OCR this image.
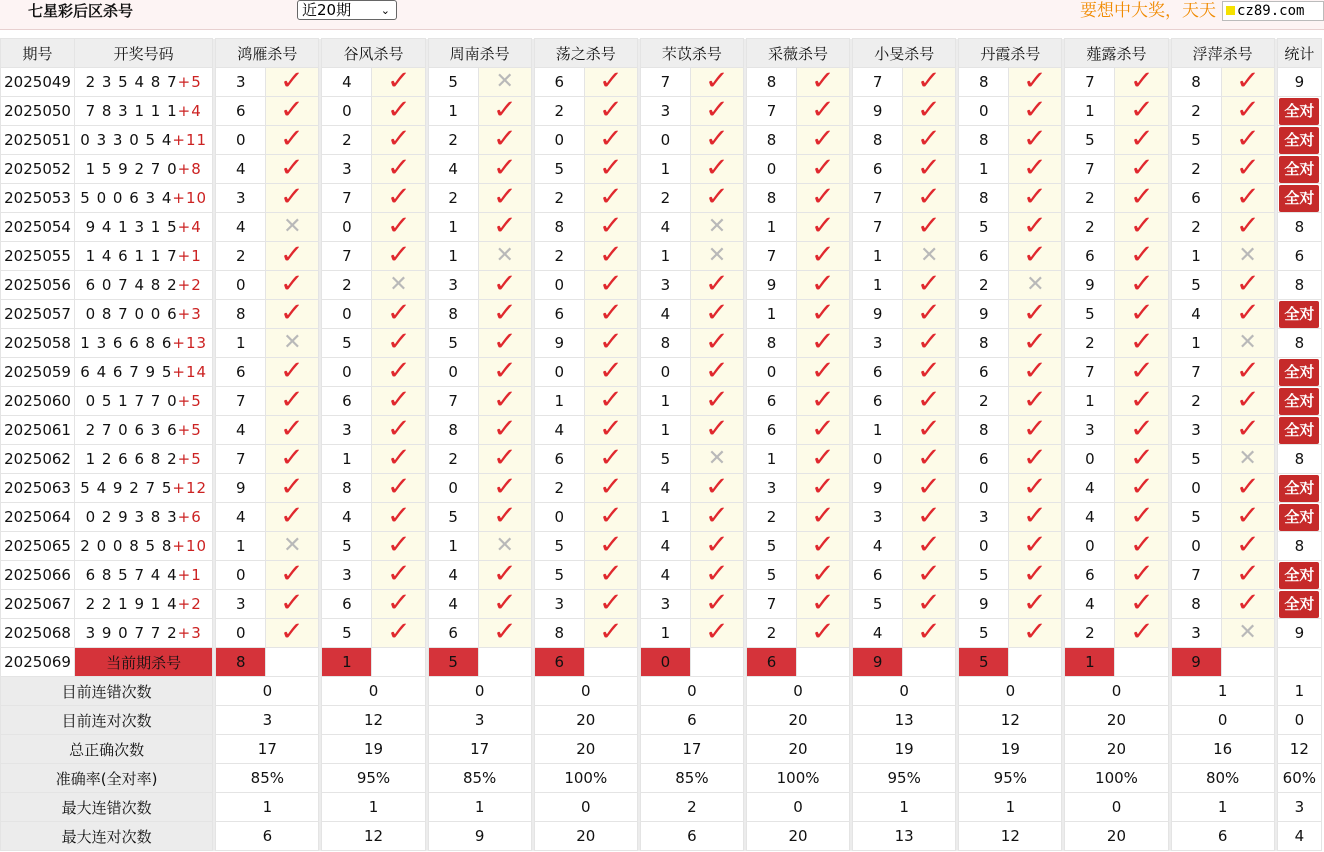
七星彩后区杀号	近20期	⌄	要想中大奖，天天	cz89.com
期号	开奖号码		鸿雁杀号			谷风杀号			周南杀号			荡之杀号			芣苡杀号			采薇杀号			小旻杀号			丹霞杀号			薤露杀号			浮萍杀号			统计
2025049	2 3 5 4 8 7+5		3	✓		4	✓		5	✕		6	✓		7	✓		8	✓		7	✓		8	✓		7	✓		8	✓		9
2025050	7 8 3 1 1 1+4		6	✓		0	✓		1	✓		2	✓		3	✓		7	✓		9	✓		0	✓		1	✓		2	✓		全对
2025051	0 3 3 0 5 4+11		0	✓		2	✓		2	✓		0	✓		0	✓		8	✓		8	✓		8	✓		5	✓		5	✓		全对
2025052	1 5 9 2 7 0+8		4	✓		3	✓		4	✓		5	✓		1	✓		0	✓		6	✓		1	✓		7	✓		2	✓		全对
2025053	5 0 0 6 3 4+10		3	✓		7	✓		2	✓		2	✓		2	✓		8	✓		7	✓		8	✓		2	✓		6	✓		全对
2025054	9 4 1 3 1 5+4		4	✕		0	✓		1	✓		8	✓		4	✕		1	✓		7	✓		5	✓		2	✓		2	✓		8
2025055	1 4 6 1 1 7+1		2	✓		7	✓		1	✕		2	✓		1	✕		7	✓		1	✕		6	✓		6	✓		1	✕		6
2025056	6 0 7 4 8 2+2		0	✓		2	✕		3	✓		0	✓		3	✓		9	✓		1	✓		2	✕		9	✓		5	✓		8
2025057	0 8 7 0 0 6+3		8	✓		0	✓		8	✓		6	✓		4	✓		1	✓		9	✓		9	✓		5	✓		4	✓		全对
2025058	1 3 6 6 8 6+13		1	✕		5	✓		5	✓		9	✓		8	✓		8	✓		3	✓		8	✓		2	✓		1	✕		8
2025059	6 4 6 7 9 5+14		6	✓		0	✓		0	✓		0	✓		0	✓		0	✓		6	✓		6	✓		7	✓		7	✓		全对
2025060	0 5 1 7 7 0+5		7	✓		6	✓		7	✓		1	✓		1	✓		6	✓		6	✓		2	✓		1	✓		2	✓		全对
2025061	2 7 0 6 3 6+5		4	✓		3	✓		8	✓		4	✓		1	✓		6	✓		1	✓		8	✓		3	✓		3	✓		全对
2025062	1 2 6 6 8 2+5		7	✓		1	✓		2	✓		6	✓		5	✕		1	✓		0	✓		6	✓		0	✓		5	✕		8
2025063	5 4 9 2 7 5+12		9	✓		8	✓		0	✓		2	✓		4	✓		3	✓		9	✓		0	✓		4	✓		0	✓		全对
2025064	0 2 9 3 8 3+6		4	✓		4	✓		5	✓		0	✓		1	✓		2	✓		3	✓		3	✓		4	✓		5	✓		全对
2025065	2 0 0 8 5 8+10		1	✕		5	✓		1	✕		5	✓		4	✓		5	✓		4	✓		0	✓		0	✓		0	✓		8
2025066	6 8 5 7 4 4+1		0	✓		3	✓		4	✓		5	✓		4	✓		5	✓		6	✓		5	✓		6	✓		7	✓		全对
2025067	2 2 1 9 1 4+2		3	✓		6	✓		4	✓		3	✓		3	✓		7	✓		5	✓		9	✓		4	✓		8	✓		全对
2025068	3 9 0 7 7 2+3		0	✓		5	✓		6	✓		8	✓		1	✓		2	✓		4	✓		5	✓		2	✓		3	✕		9
2025069	当前期杀号		8			1			5			6			0			6			9			5			1			9			
目前连错次数			0			0			0			0			0			0			0			0			0			1			1
目前连对次数			3			12			3			20			6			20			13			12			20			0			0
总正确次数			17			19			17			20			17			20			19			19			20			16			12
准确率(全对率)			85%			95%			85%			100%			85%			100%			95%			95%			100%			80%			60%
最大连错次数			1			1			1			0			2			0			1			1			0			1			3
最大连对次数			6			12			9			20			6			20			13			12			20			6			4
